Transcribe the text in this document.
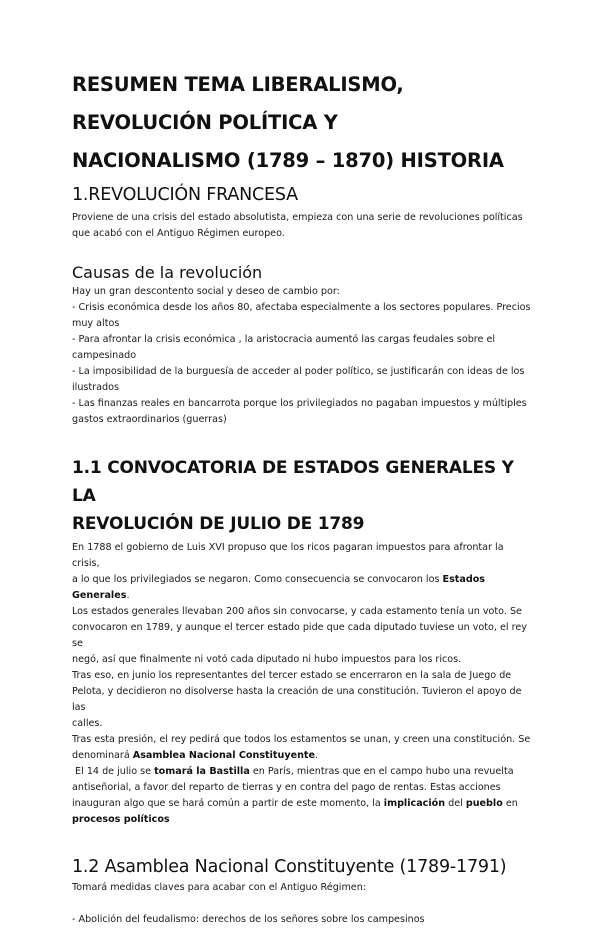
RESUMEN TEMA LIBERALISMO,
REVOLUCIÓN POLÍTICA Y
NACIONALISMO (1789 – 1870) HISTORIA
1.REVOLUCIÓN FRANCESA

Proviene de una crisis del estado absolutista, empieza con una serie de revoluciones políticas
que acabó con el Antiguo Régimen europeo.

Causas de la revolución

Hay un gran descontento social y deseo de cambio por:
- Crisis económica desde los años 80, afectaba especialmente a los sectores populares. Precios
muy altos
- Para afrontar la crisis económica , la aristocracia aumentó las cargas feudales sobre el
campesinado
- La imposibilidad de la burguesía de acceder al poder político, se justificarán con ideas de los
ilustrados
- Las finanzas reales en bancarrota porque los privilegiados no pagaban impuestos y múltiples
gastos extraordinarios (guerras)

1.1 CONVOCATORIA DE ESTADOS GENERALES Y LA
REVOLUCIÓN DE JULIO DE 1789

En 1788 el gobierno de Luis XVI propuso que los ricos pagaran impuestos para afrontar la crisis,
a lo que los privilegiados se negaron. Como consecuencia se convocaron los Estados Generales.
Los estados generales llevaban 200 años sin convocarse, y cada estamento tenía un voto. Se
convocaron en 1789, y aunque el tercer estado pide que cada diputado tuviese un voto, el rey se
negó, así que finalmente ni votó cada diputado ni hubo impuestos para los ricos.
Tras eso, en junio los representantes del tercer estado se encerraron en la sala de Juego de
Pelota, y decidieron no disolverse hasta la creación de una constitución. Tuvieron el apoyo de las
calles.
Tras esta presión, el rey pedirá que todos los estamentos se unan, y creen una constitución. Se
denominará Asamblea Nacional Constituyente.
El 14 de julio se tomará la Bastilla en París, mientras que en el campo hubo una revuelta
antiseñorial, a favor del reparto de tierras y en contra del pago de rentas. Estas acciones
inauguran algo que se hará común a partir de este momento, la implicación del pueblo en
procesos políticos

1.2 Asamblea Nacional Constituyente (1789-1791)

Tomará medidas claves para acabar con el Antiguo Régimen:

- Abolición del feudalismo: derechos de los señores sobre los campesinos
